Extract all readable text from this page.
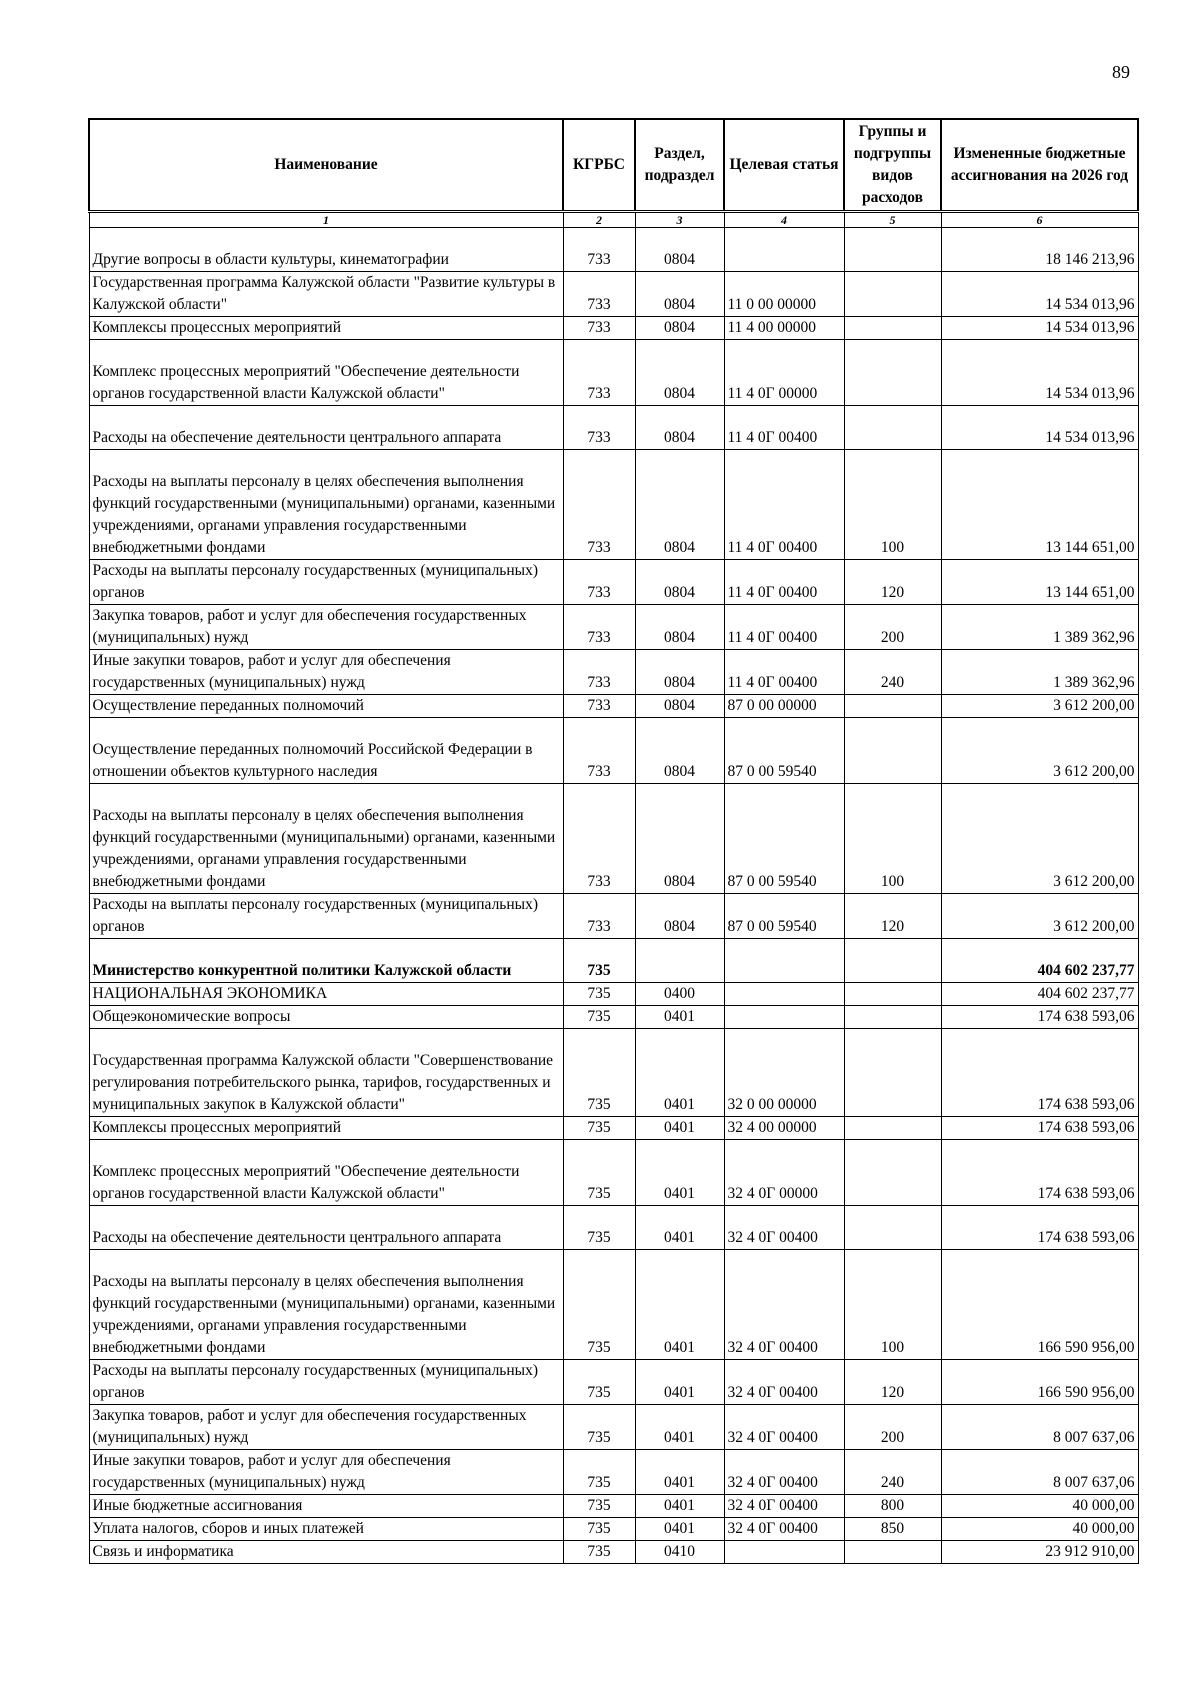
89
Наименование	КГРБС	Раздел, подраздел	Целевая статья	Группы и подгруппы видов расходов	Измененные бюджетные ассигнования на 2026 год
1	2	3	4	5	6
Другие вопросы в области культуры, кинематографии	733	0804			18 146 213,96
Государственная программа Калужской области "Развитие культуры в Калужской области"	733	0804	11 0 00 00000		14 534 013,96
Комплексы процессных мероприятий	733	0804	11 4 00 00000		14 534 013,96
Комплекс процессных мероприятий "Обеспечение деятельности органов государственной власти Калужской области"	733	0804	11 4 0Г 00000		14 534 013,96
Расходы на обеспечение деятельности центрального аппарата	733	0804	11 4 0Г 00400		14 534 013,96
Расходы на выплаты персоналу в целях обеспечения выполнения функций государственными (муниципальными) органами, казенными учреждениями, органами управления государственными внебюджетными фондами	733	0804	11 4 0Г 00400	100	13 144 651,00
Расходы на выплаты персоналу государственных (муниципальных) органов	733	0804	11 4 0Г 00400	120	13 144 651,00
Закупка товаров, работ и услуг для обеспечения государственных (муниципальных) нужд	733	0804	11 4 0Г 00400	200	1 389 362,96
Иные закупки товаров, работ и услуг для обеспечения государственных (муниципальных) нужд	733	0804	11 4 0Г 00400	240	1 389 362,96
Осуществление переданных полномочий	733	0804	87 0 00 00000		3 612 200,00
Осуществление переданных полномочий Российской Федерации в отношении объектов культурного наследия	733	0804	87 0 00 59540		3 612 200,00
Расходы на выплаты персоналу в целях обеспечения выполнения функций государственными (муниципальными) органами, казенными учреждениями, органами управления государственными внебюджетными фондами	733	0804	87 0 00 59540	100	3 612 200,00
Расходы на выплаты персоналу государственных (муниципальных) органов	733	0804	87 0 00 59540	120	3 612 200,00
Министерство конкурентной политики Калужской области	735				404 602 237,77
НАЦИОНАЛЬНАЯ ЭКОНОМИКА	735	0400			404 602 237,77
Общеэкономические вопросы	735	0401			174 638 593,06
Государственная программа Калужской области "Совершенствование регулирования потребительского рынка, тарифов, государственных и муниципальных закупок в Калужской области"	735	0401	32 0 00 00000		174 638 593,06
Комплексы процессных мероприятий	735	0401	32 4 00 00000		174 638 593,06
Комплекс процессных мероприятий "Обеспечение деятельности органов государственной власти Калужской области"	735	0401	32 4 0Г 00000		174 638 593,06
Расходы на обеспечение деятельности центрального аппарата	735	0401	32 4 0Г 00400		174 638 593,06
Расходы на выплаты персоналу в целях обеспечения выполнения функций государственными (муниципальными) органами, казенными учреждениями, органами управления государственными внебюджетными фондами	735	0401	32 4 0Г 00400	100	166 590 956,00
Расходы на выплаты персоналу государственных (муниципальных) органов	735	0401	32 4 0Г 00400	120	166 590 956,00
Закупка товаров, работ и услуг для обеспечения государственных (муниципальных) нужд	735	0401	32 4 0Г 00400	200	8 007 637,06
Иные закупки товаров, работ и услуг для обеспечения государственных (муниципальных) нужд	735	0401	32 4 0Г 00400	240	8 007 637,06
Иные бюджетные ассигнования	735	0401	32 4 0Г 00400	800	40 000,00
Уплата налогов, сборов и иных платежей	735	0401	32 4 0Г 00400	850	40 000,00
Связь и информатика	735	0410			23 912 910,00
